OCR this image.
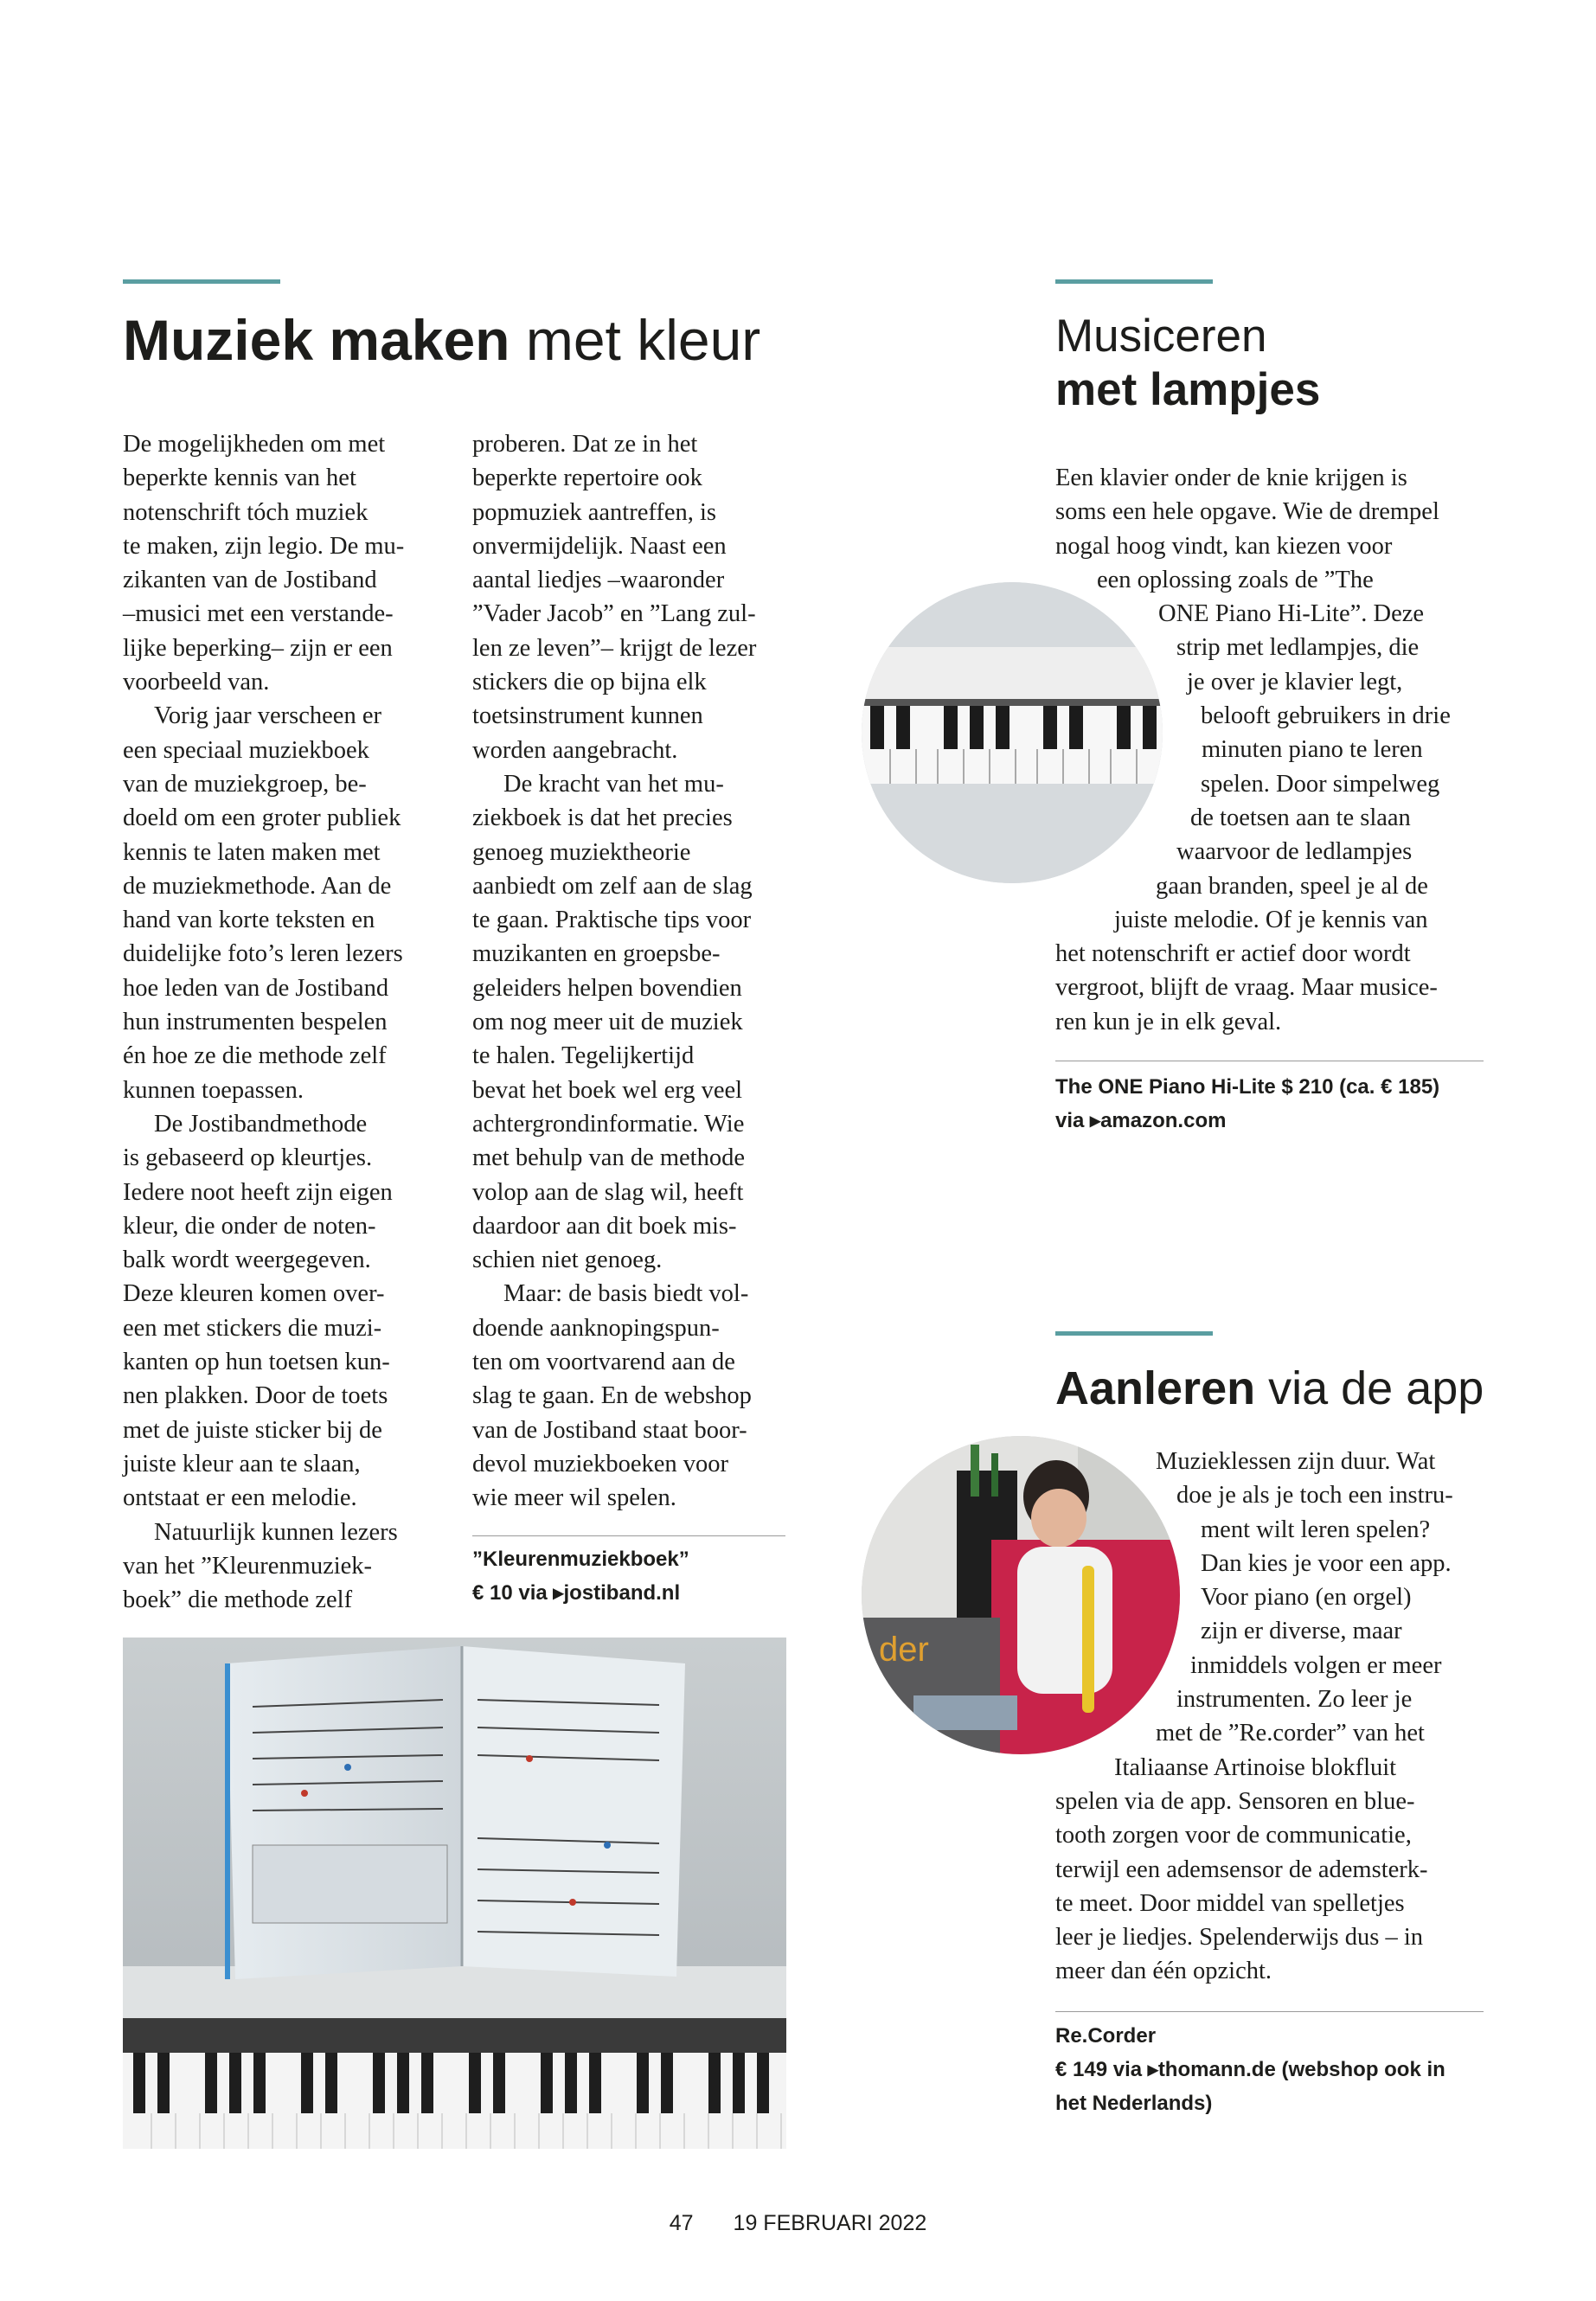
Muziek maken met kleur

De mogelijkheden om met

beperkte kennis van het

notenschrift tóch muziek

te maken, zijn legio. De mu-

zikanten van de Jostiband

–musici met een verstande-

lijke beperking– zijn er een

voorbeeld van.

Vorig jaar verscheen er

een speciaal muziekboek

van de muziekgroep, be-

doeld om een groter publiek

kennis te laten maken met

de muziekmethode. Aan de

hand van korte teksten en

duidelijke foto’s leren lezers

hoe leden van de Jostiband

hun instrumenten bespelen

én hoe ze die methode zelf

kunnen toepassen.

De Jostibandmethode

is gebaseerd op kleurtjes.

Iedere noot heeft zijn eigen

kleur, die onder de noten-

balk wordt weergegeven.

Deze kleuren komen over-

een met stickers die muzi-

kanten op hun toetsen kun-

nen plakken. Door de toets

met de juiste sticker bij de

juiste kleur aan te slaan,

ontstaat er een melodie.

Natuurlijk kunnen lezers

van het ”Kleurenmuziek-

boek” die methode zelf

proberen. Dat ze in het

beperkte repertoire ook

popmuziek aantreffen, is

onvermijdelijk. Naast een

aantal liedjes –waaronder

”Vader Jacob” en ”Lang zul-

len ze leven”– krijgt de lezer

stickers die op bijna elk

toetsinstrument kunnen

worden aangebracht.

De kracht van het mu-

ziekboek is dat het precies

genoeg muziektheorie

aanbiedt om zelf aan de slag

te gaan. Praktische tips voor

muzikanten en groepsbe-

geleiders helpen bovendien

om nog meer uit de muziek

te halen. Tegelijkertijd

bevat het boek wel erg veel

achtergrondinformatie. Wie

met behulp van de methode

volop aan de slag wil, heeft

daardoor aan dit boek mis-

schien niet genoeg.

Maar: de basis biedt vol-

doende aanknopingspun-

ten om voortvarend aan de

slag te gaan. En de webshop

van de Jostiband staat boor-

devol muziekboeken voor

wie meer wil spelen.

”Kleurenmuziekboek”
€ 10 via ▸jostiband.nl
Musiceren
met lampjes

Een klavier onder de knie krijgen is

soms een hele opgave. Wie de drempel

nogal hoog vindt, kan kiezen voor

een oplossing zoals de ”The

ONE Piano Hi-Lite”. Deze

strip met ledlampjes, die

je over je klavier legt,

belooft gebruikers in drie

minuten piano te leren

spelen. Door simpelweg

de toetsen aan te slaan

waarvoor de ledlampjes

gaan branden, speel je al de

juiste melodie. Of je kennis van

het notenschrift er actief door wordt

vergroot, blijft de vraag. Maar musice-

ren kun je in elk geval.

The ONE Piano Hi-Lite $ 210 (ca. € 185)
via ▸amazon.com
Aanleren via de app
der

Muzieklessen zijn duur. Wat

doe je als je toch een instru-

ment wilt leren spelen?

Dan kies je voor een app.

Voor piano (en orgel)

zijn er diverse, maar

inmiddels volgen er meer

instrumenten. Zo leer je

met de ”Re.corder” van het

Italiaanse Artinoise blokfluit

spelen via de app. Sensoren en blue-

tooth zorgen voor de communicatie,

terwijl een ademsensor de ademsterk-

te meet. Door middel van spelletjes

leer je liedjes. Spelenderwijs dus – in

meer dan één opzicht.

Re.Corder
€ 149 via ▸thomann.de (webshop ook in
het Nederlands)
47 19 FEBRUARI 2022
